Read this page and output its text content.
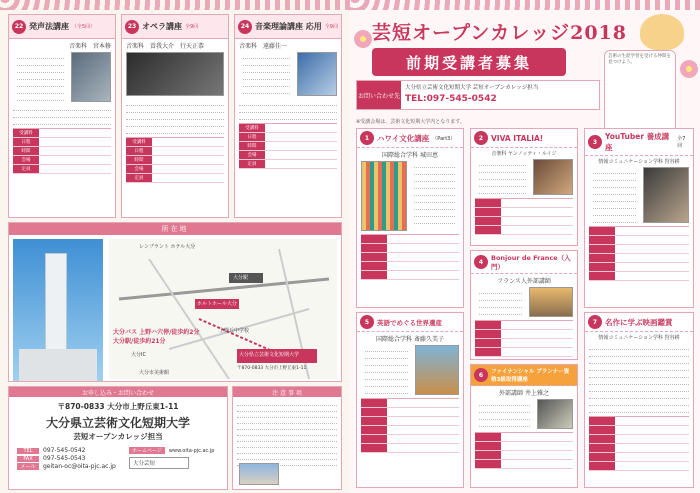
22 発声法講座 （全5回）
音楽科　宮本修
受講料
日程
時間
会場
定員
23 オペラ講座 全9回
音楽科　曽我大介　行天正恭
受講料
日程
時間
会場
定員
24 音楽理論講座 応用 全9回
音楽科　遠藤佳一
受講料
日程
時間
会場
定員
所在地
レンブラント ホテル大分
大分駅
ホルトホール大分
上野丘中学校
大分IC	大分県立芸術文化短期大学
大分市美術館
〒870-0833 大分市上野丘東1-11
大分バス 上野ハ穴停/徒歩約2分
大分駅/徒歩約21分
お申し込み・お問い合わせ
〒870-0833 大分市上野丘東1-11
大分県立芸術文化短期大学
芸短オープンカレッジ担当
TEL	097-545-0542
FAX	097-545-0543
メール	geitan-oc@oita-pjc.ac.jp
ホームページ	www.oita-pjc.ac.jp
大分芸短
注 意 事 項
芸短オープンカレッジ2018
前期受講者募集	芸術の生涯学習を受ける仲間を見つけよう。
お問い合わせ先
大分県立芸術文化短期大学 芸短オープンカレッジ担当
TEL:097-545-0542
※受講会場は、芸術文化短期大学内となります。
1	ハワイ文化講座 （Part3）
国際総合学科 城田恵
2	VIVA ITALIA!
音楽科 ヤンノッティ・ルイジ
3
YouTuber 養成講座
全7回
情報コミュニケーション学科 狩谷耕
4	Bonjour de France（入門）
フランス人外部講師
5	英語でめぐる世界遺産
国際総合学科 斎藤久美子
6	ファイナンシャル プランナー資格3級取得講座
外部講師 井上雅之
7	名作に学ぶ映画鑑賞
情報コミュニケーション学科 狩谷耕
